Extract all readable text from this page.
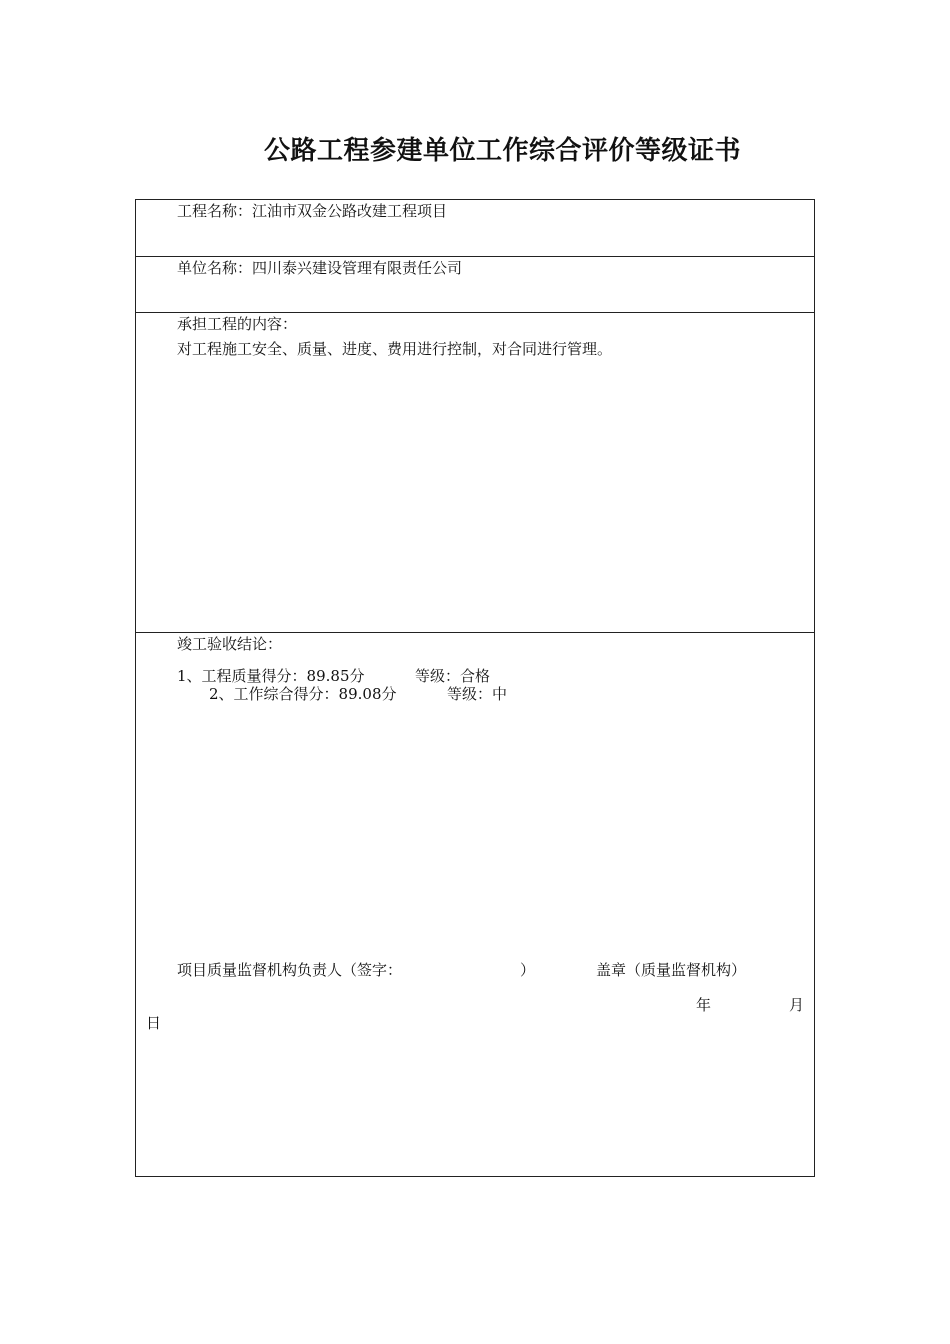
公路工程参建单位工作综合评价等级证书
工程名称： 江油市双金公路改建工程项目
单位名称： 四川泰兴建设管理有限责任公司
承担工程的内容：
对工程施工安全、质量、进度、费用进行控制，对合同进行管理。
竣工验收结论：
1、工程质量得分：89.85分	等级：合格
2、工作综合得分：89.08分	等级：中
项目质量监督机构负责人（签字：	）	盖章（质量监督机构）
年	月
日
